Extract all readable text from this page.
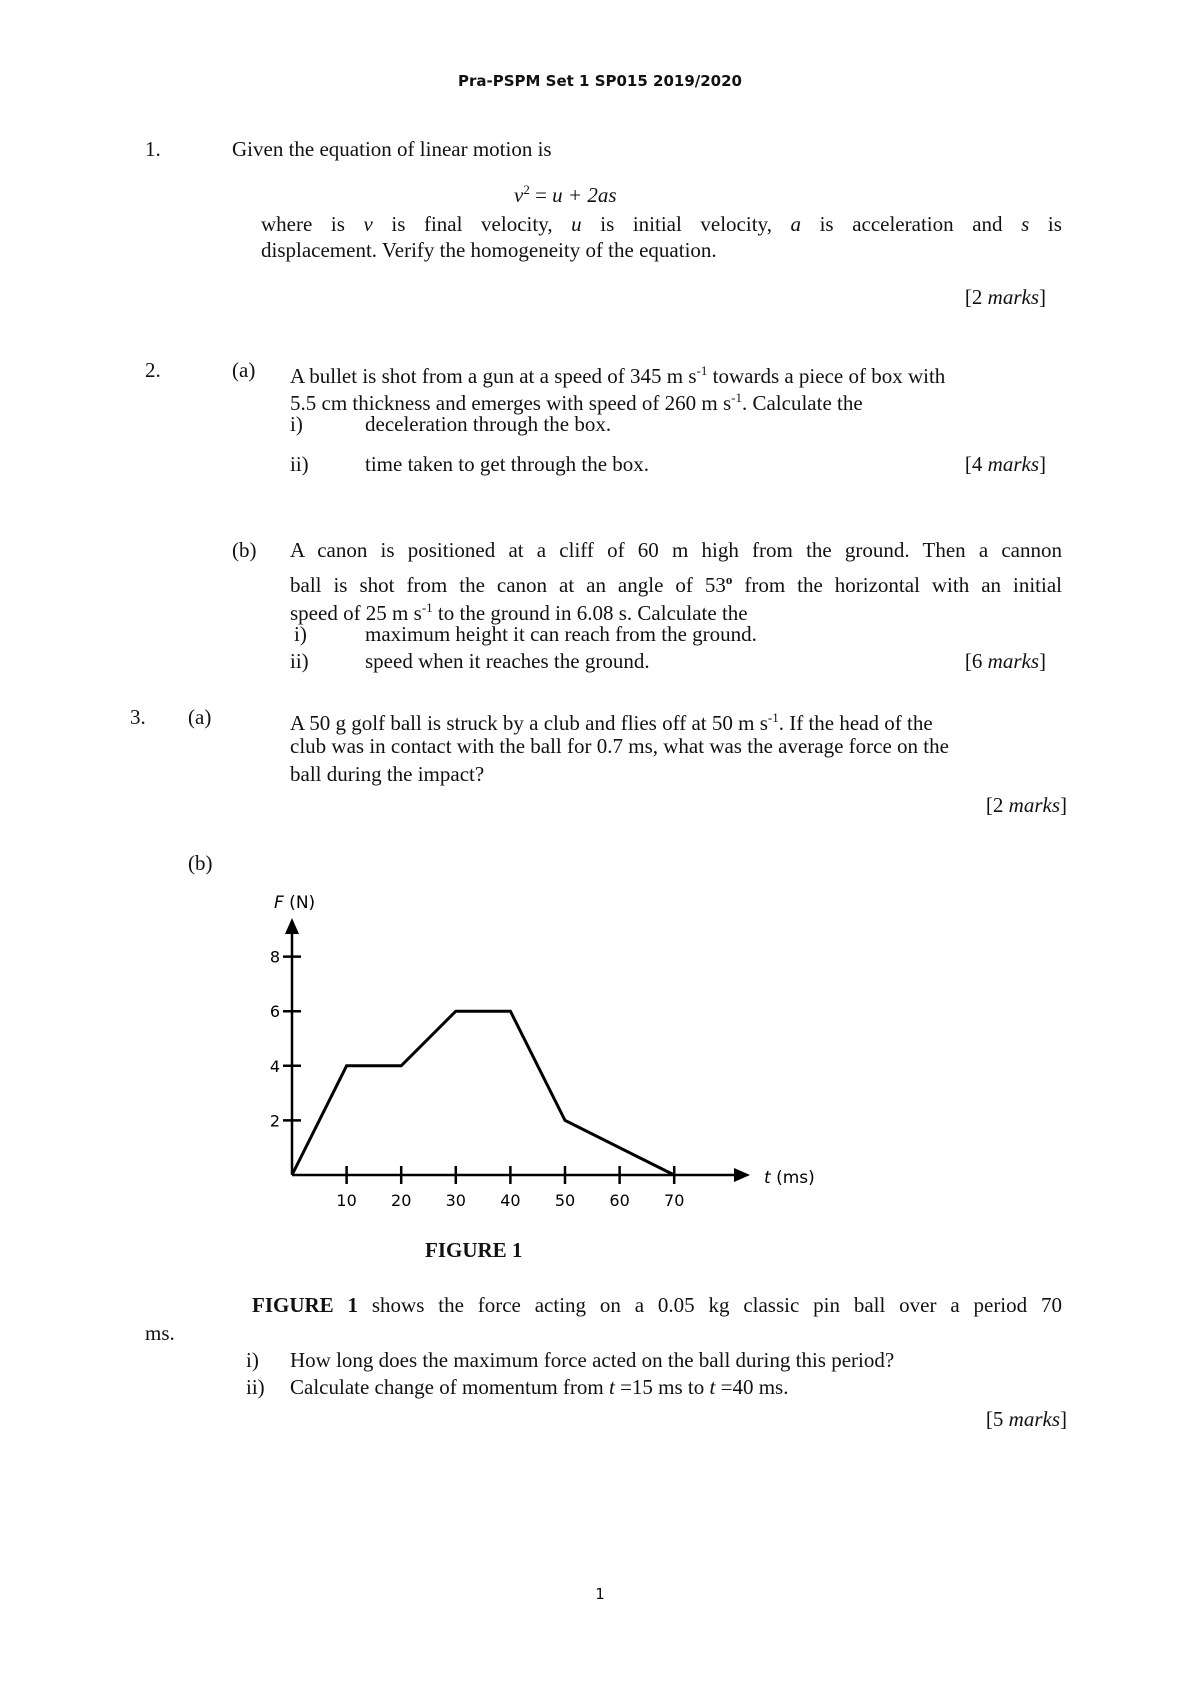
Pra-PSPM Set 1 SP015 2019/2020
1.	Given the equation of linear motion is
$v^2 = u + 2as$
where is v is final velocity, u is initial velocity, a is acceleration and s is
displacement. Verify the homogeneity of the equation.
[2 marks]
2.	(a) A bullet is shot from a gun at a speed of 345 m $s^{-1}$ towards a piece of box with
5.5 cm thickness and emerges with speed of 260 m $s^{-1}$. Calculate the
i)	deceleration through the box.
ii)	time taken to get through the box.	[4 marks]
(b) A canon is positioned at a cliff of 60 m high from the ground. Then a cannon
ball is shot from the canon at an angle of 53$^o$ from the horizontal with an initial
speed of 25 m $s^{-1}$ to the ground in 6.08 s. Calculate the
i)	maximum height it can reach from the ground.
ii)	speed when it reaches the ground.	[6 marks]
3. (a)	A 50 g golf ball is struck by a club and flies off at 50 m $s^{-1}$. If the head of the
club was in contact with the ball for 0.7 ms, what was the average force on the
ball during the impact?
[2 marks]
(b)
10 20 30 40 50 60 70
2
4
6
8
F (N)
t (ms)
FIGURE 1
FIGURE 1 shows the force acting on a 0.05 kg classic pin ball over a period 70
ms.
i) How long does the maximum force acted on the ball during this period?
ii) Calculate change of momentum from t =15 ms to t =40 ms.
[5 marks]
1
